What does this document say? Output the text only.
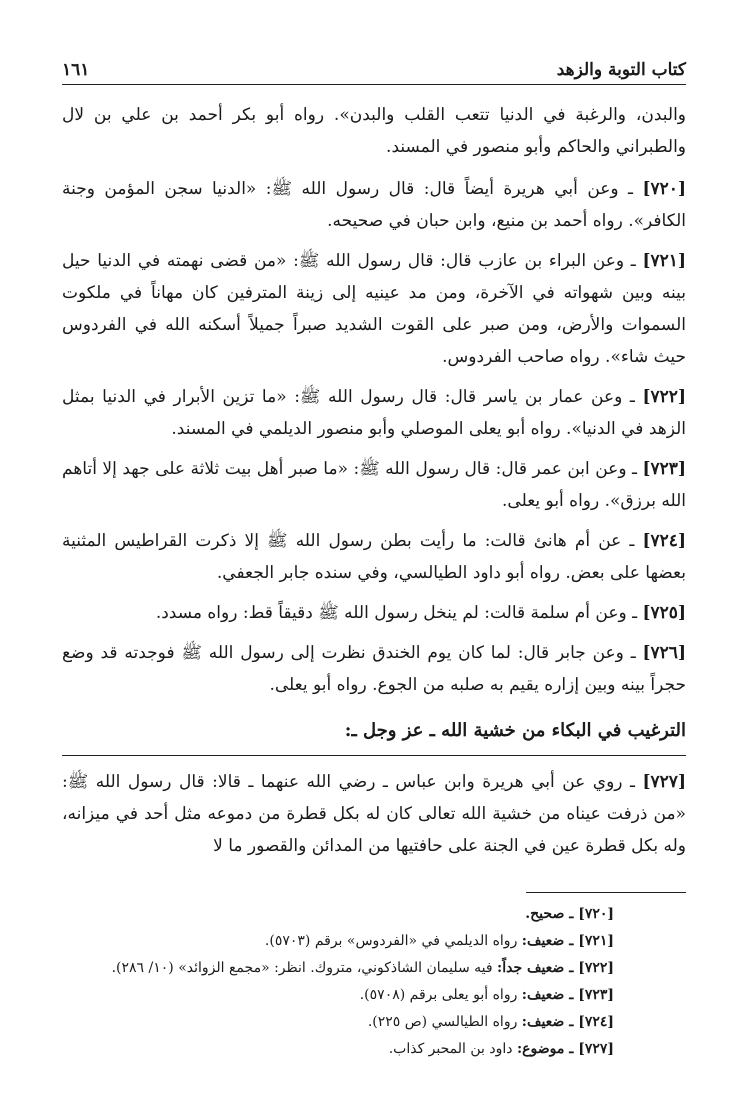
كتاب التوبة والزهد
١٦١

والبدن، والرغبة في الدنيا تتعب القلب والبدن». رواه أبو بكر أحمد بن علي بن لال والطبراني والحاكم وأبو منصور في المسند.

[٧٢٠] ـ وعن أبي هريرة أيضاً قال: قال رسول الله ﷺ: «الدنيا سجن المؤمن وجنة الكافر». رواه أحمد بن منيع، وابن حبان في صحيحه.

[٧٢١] ـ وعن البراء بن عازب قال: قال رسول الله ﷺ: «من قضى نهمته في الدنيا حيل بينه وبين شهواته في الآخرة، ومن مد عينيه إلى زينة المترفين كان مهاناً في ملكوت السموات والأرض، ومن صبر على القوت الشديد صبراً جميلاً أسكنه الله في الفردوس حيث شاء». رواه صاحب الفردوس.

[٧٢٢] ـ وعن عمار بن ياسر قال: قال رسول الله ﷺ: «ما تزين الأبرار في الدنيا بمثل الزهد في الدنيا». رواه أبو يعلى الموصلي وأبو منصور الديلمي في المسند.

[٧٢٣] ـ وعن ابن عمر قال: قال رسول الله ﷺ: «ما صبر أهل بيت ثلاثة على جهد إلا أتاهم الله برزق». رواه أبو يعلى.

[٧٢٤] ـ عن أم هانئ قالت: ما رأيت بطن رسول الله ﷺ إلا ذكرت القراطيس المثنية بعضها على بعض. رواه أبو داود الطيالسي، وفي سنده جابر الجعفي.

[٧٢٥] ـ وعن أم سلمة قالت: لم ينخل رسول الله ﷺ دقيقاً قط: رواه مسدد.

[٧٢٦] ـ وعن جابر قال: لما كان يوم الخندق نظرت إلى رسول الله ﷺ فوجدته قد وضع حجراً بينه وبين إزاره يقيم به صلبه من الجوع. رواه أبو يعلى.

الترغيب في البكاء من خشية الله ـ عز وجل ـ:

[٧٢٧] ـ روي عن أبي هريرة وابن عباس ـ رضي الله عنهما ـ قالا: قال رسول الله ﷺ: «من ذرفت عيناه من خشية الله تعالى كان له بكل قطرة من دموعه مثل أحد في ميزانه، وله بكل قطرة عين في الجنة على حافتيها من المدائن والقصور ما لا

[٧٢٠] ـ صحيح.

[٧٢١] ـ ضعيف: رواه الديلمي في «الفردوس» برقم (٥٧٠٣).

[٧٢٢] ـ ضعيف جداً: فيه سليمان الشاذكوني، متروك. انظر: «مجمع الزوائد» (١٠/ ٢٨٦).

[٧٢٣] ـ ضعيف: رواه أبو يعلى برقم (٥٧٠٨).

[٧٢٤] ـ ضعيف: رواه الطيالسي (ص ٢٢٥).

[٧٢٧] ـ موضوع: داود بن المحبر كذاب.
